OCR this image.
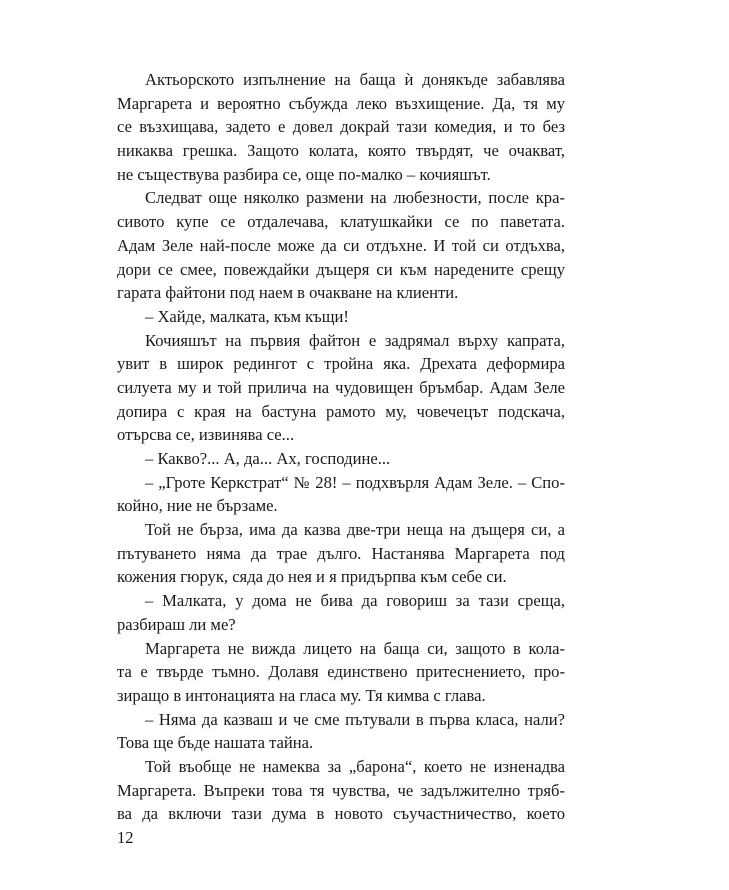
Актьорското изпълнение на баща ѝ донякъде забавлява
Маргарета и вероятно събужда леко възхищение. Да, тя му
се възхищава, задето е довел докрай тази комедия, и то без
никаква грешка. Защото колата, която твърдят, че очакват,
не съществува разбира се, още по-малко – кочияшът.

Следват още няколко размени на любезности, после кра-
сивото купе се отдалечава, клатушкайки се по паветата.
Адам Зеле най-после може да си отдъхне. И той си отдъхва,
дори се смее, повеждайки дъщеря си към наредените срещу
гарата файтони под наем в очакване на клиенти.

– Хайде, малката, към къщи!

Кочияшът на първия файтон е задрямал върху капрата,
увит в широк редингот с тройна яка. Дрехата деформира
силуета му и той прилича на чудовищен бръмбар. Адам Зеле
допира с края на бастуна рамото му, човечецът подскача,
отърсва се, извинява се...

– Какво?... А, да... Ах, господине...

– „Гроте Керкстрат“ № 28! – подхвърля Адам Зеле. – Спо-
койно, ние не бързаме.

Той не бърза, има да казва две-три неща на дъщеря си, а
пътуването няма да трае дълго. Настанява Маргарета под
кожения гюрук, сяда до нея и я придърпва към себе си.

– Малката, у дома не бива да говориш за тази среща,
разбираш ли ме?

Маргарета не вижда лицето на баща си, защото в кола-
та е твърде тъмно. Долавя единствено притеснението, про-
зиращо в интонацията на гласа му. Тя кимва с глава.

– Няма да казваш и че сме пътували в първа класа, нали?
Това ще бъде нашата тайна.

Той въобще не намеква за „барона“, което не изненадва
Маргарета. Въпреки това тя чувства, че задължително тряб-
ва да включи тази дума в новото съучастничество, което

12
